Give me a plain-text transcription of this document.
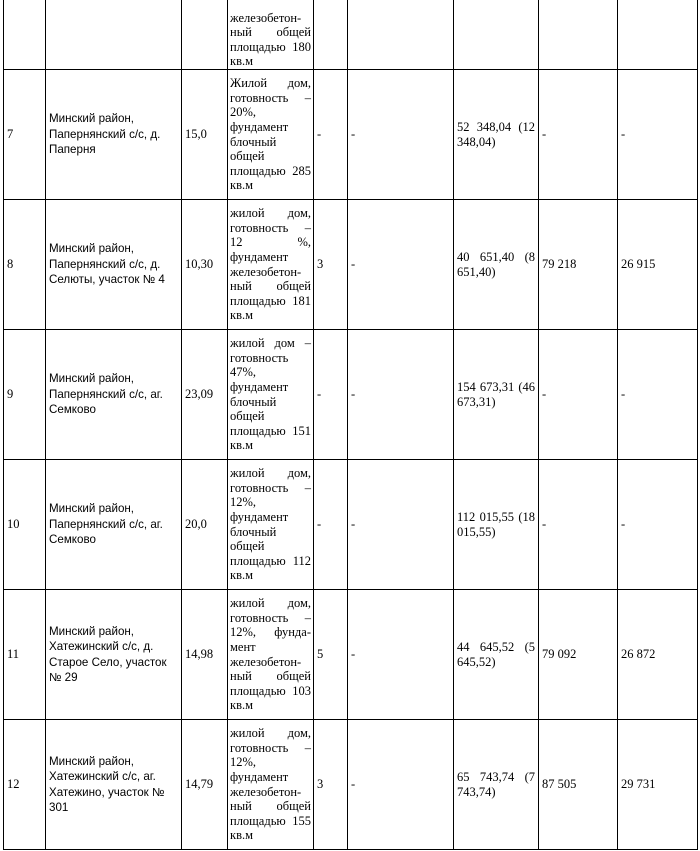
			железобетон-ный общей площадью 180 кв.м					
7	Минский район, Папернянский с/с, д. Паперня	15,0	Жилой дом, готовность – 20%, фундамент блочный общей площадью 285 кв.м	-	-	52 348,04 (12 348,04)	-	-
8	Минский район, Папернянский с/с, д. Селюты, участок № 4	10,30	жилой дом, готовность – 12 %, фундамент железобетон-ный общей площадью 181 кв.м	3	-	40 651,40 (8 651,40)	79 218	26 915
9	Минский район, Папернянский с/с, аг. Семково	23,09	жилой дом – готовность 47%, фундамент блочный общей площадью 151 кв.м	-	-	154 673,31 (46 673,31)	-	-
10	Минский район, Папернянский с/с, аг. Семково	20,0	жилой дом, готовность – 12%, фундамент блочный общей площадью 112 кв.м	-	-	112 015,55 (18 015,55)	-	-
11	Минский район, Хатежинский с/с, д. Старое Село, участок № 29	14,98	жилой дом, готовность – 12%, фунда-мент железобетон-ный общей площадью 103 кв.м	5	-	44 645,52 (5 645,52)	79 092	26 872
12	Минский район, Хатежинский с/с, аг. Хатежино, участок № 301	14,79	жилой дом, готовность – 12%, фундамент железобетон-ный общей площадью 155 кв.м	3	-	65 743,74 (7 743,74)	87 505	29 731
